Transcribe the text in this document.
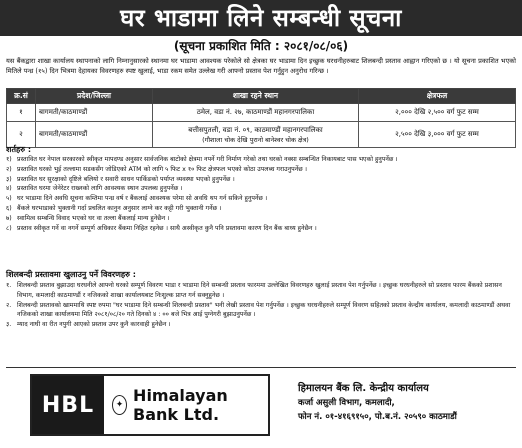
घर भाडामा लिने सम्बन्धी सूचना
(सूचना प्रकाशित मिति : २०८१/०८/०६)
यस बैंकद्वारा शाखा कार्यालय स्थापनाको लागि निम्नानुसारको स्थानमा घर भाडामा आवश्यक परेकोले सो क्षेत्रका घर भाडामा दिन इच्छुक घरधनीहरुबाट शिलबन्दी प्रस्ताव आह्वान गरिएको छ । यो सूचना प्रकाशित भएको मितिले पन्ध्र (१५) दिन भित्रमा देहायका विवरणहरु स्पष्ट खुलाई, भाडा रकम समेत उल्लेख गरी आफ्नो प्रस्ताव पेश गर्नुहुन अनुरोध गरिन्छ ।
क्र.सं	प्रदेश/जिल्ला	शाखा रहने स्थान	क्षेत्रफल
१	बागमती/काठमाण्डौं	ठमेल, वडा नं. २७, काठमाण्डौं महानगरपालिका	२,००० देखि २,५०० वर्ग फुट सम्म
२	बागमती/काठमाण्डौं	बत्तीसपुतली, वडा नं. ०९, काठमाण्डौं महानगरपालिका
(गौशाला चोक देखि पुरानो बानेश्वर चोक क्षेत्र)	२,५०० देखि ३,००० वर्ग फुट सम्म
शर्तहरु :
१) प्रस्तावित घर नेपाल सरकारको स्वीकृत मापदण्ड अनुसार सार्वजनिक बाटोको क्षेत्रमा नपर्ने गरी निर्माण गरेको तथा घरको नक्सा सम्बन्धित निकायबाट पास भएको हुनुपर्नेछ ।
२) प्रस्तावित घरको भुई तल्लामा सडकसँग जोडिएको ATM को लागि ५ फिट x १० फिट क्षेत्रफल भएको कोठा उपलब्ध गराउनुपर्नेछ ।
३) प्रस्तावित घर सुरक्षाको दृष्टिले बलियो र सवारी साधन पार्किङको पर्याप्त व्यवस्था भएको हुनुपर्नेछ ।
४) प्रस्तावित घरमा जेनेरेटर राख्नको लागि आवश्यक स्थान उपलब्ध हुनुपर्नेछ ।
५) घर भाडामा दिने अवधि सूचना कम्तिमा पन्ध्र वर्ष र बैंकलाई आवश्यक परेमा सो अवधि थप गर्न सकिने हुनुपर्नेछ ।
६) बैंकले घरभाडाको भुक्तानी गर्दा प्रचलित कानुन अनुसार लाग्ने कर कट्टी गरी भुक्तानी गर्नेछ ।
७) स्वामित्व सम्बन्धि विवाद भएको घर वा तल्ला बैंकलाई मान्य हुनेछैन ।
८) प्रस्ताव स्वीकृत गर्ने वा नगर्ने सम्पूर्ण अधिकार बैंकमा निहित रहनेछ । साथै अस्वीकृत कुनै पनि प्रस्तावमा कारण दिन बैंक बाध्य हुनेछैन ।
शिलबन्दी प्रस्तावमा खुलाउनु पर्ने विवरणहरु :
१. शिलबन्दी प्रस्ताव बुझाउदा घरधनीले आफ्नो घरको सम्पूर्ण विवरण भाडा र भाडामा दिने सम्बन्धी प्रस्ताव फारममा उल्लेखित विवरणहरु खुलाई प्रस्ताव पेश गर्नुपर्नेछ । इच्छुक घरधनीहरुले सो प्रस्ताव फारम बैंकको प्रशासन विभाग, कमलादी काठमाण्डौं र नजिकको शाखा कार्यालयबाट निःशुल्क प्राप्त गर्न सक्नुहुनेछ ।
२. शिलबन्दी प्रस्तावको खाममाथि स्पष्ट रुपमा "घर भाडामा दिने सम्बन्धी शिलबन्दी प्रस्ताव" भनी लेखी प्रस्ताव पेश गर्नुपर्नेछ । इच्छुक घरधनीहरुले सम्पूर्ण विवरण सहितको प्रस्ताव केन्द्रीय कार्यालय, कमलादी काठमाण्डौं अथवा नजिकको शाखा कार्यालयमा मिति २०८१/०८/२० गते दिनको ४ : ०० बजे भित्र आई पुग्नेगरी बुझाउनुपर्नेछ ।
३. म्याद नाघी वा रीत नपुगी आएको प्रस्ताव उपर कुनै कारवाही हुनेछैन ।
HBL	✦ Himalayan Bank Ltd.
हिमालयन बैंक लि. केन्द्रीय कार्यालय
कर्जा असुली विभाग, कमलादी,
फोन नं. ०१-४१६९१५०, पो.ब.नं. २०५९० काठमाडौं
